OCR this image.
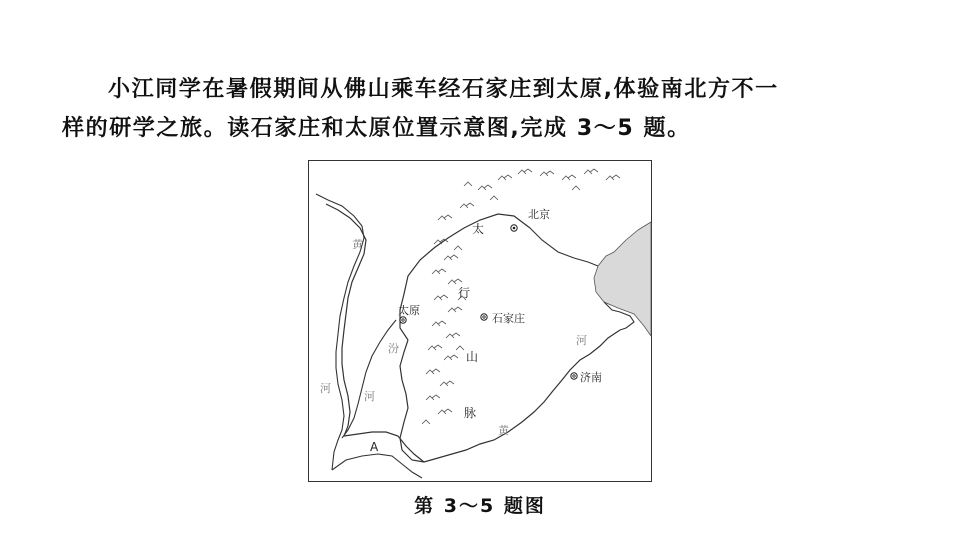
小江同学在暑假期间从佛山乘车经石家庄到太原,体验南北方不一
样的研学之旅。读石家庄和太原位置示意图,完成 3～5 题。
北京
太原
石家庄
济南
A
太
行
山
脉
黄
河
黄
河
汾
河
第 3～5 题图
